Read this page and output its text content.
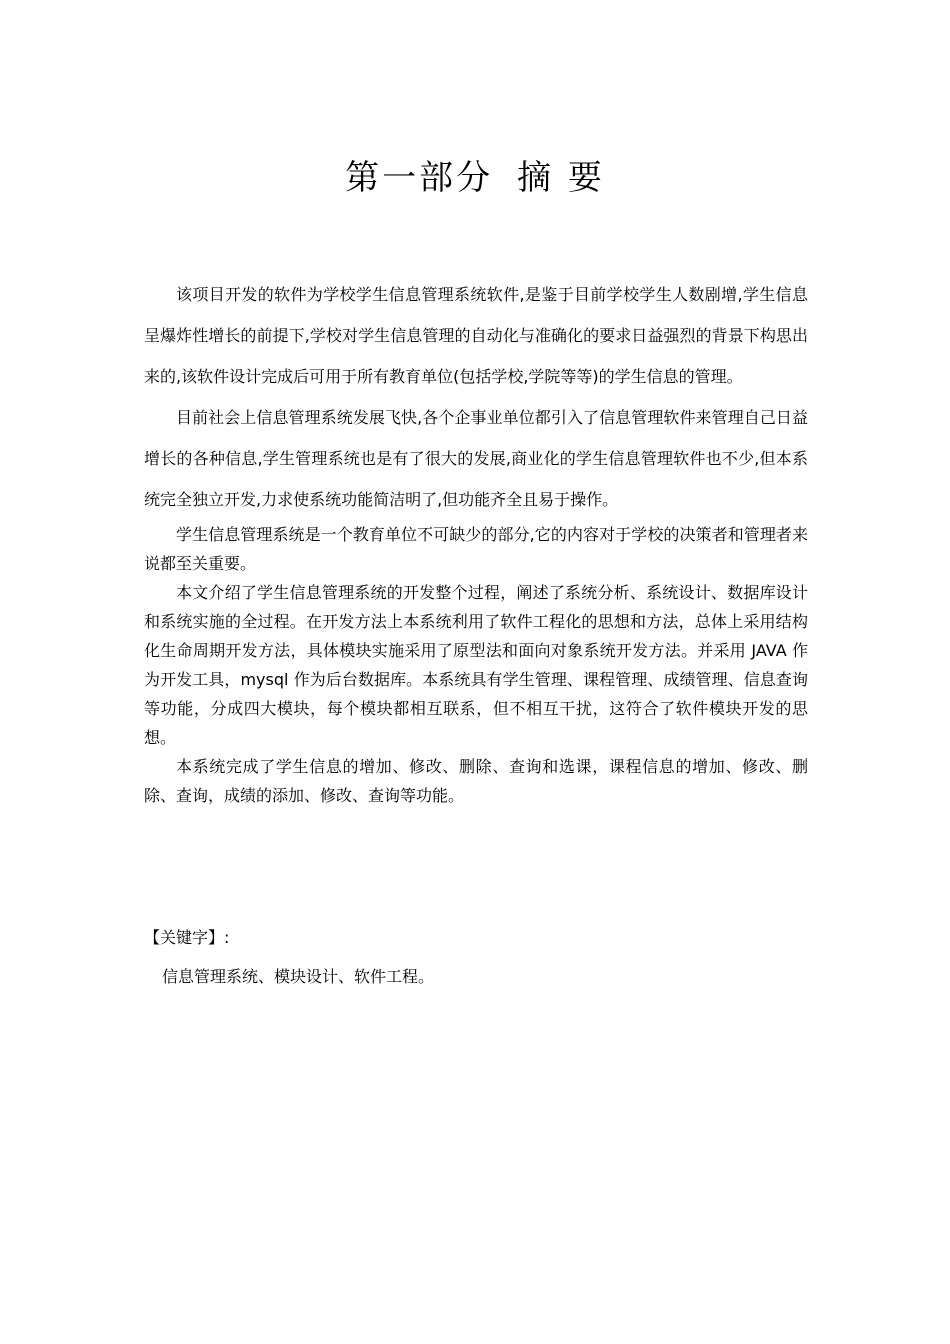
第一部分 摘 要

该项目开发的软件为学校学生信息管理系统软件,是鉴于目前学校学生人数剧增,学生信息呈爆炸性增长的前提下,学校对学生信息管理的自动化与准确化的要求日益强烈的背景下构思出来的,该软件设计完成后可用于所有教育单位(包括学校,学院等等)的学生信息的管理。

目前社会上信息管理系统发展飞快,各个企事业单位都引入了信息管理软件来管理自己日益增长的各种信息,学生管理系统也是有了很大的发展,商业化的学生信息管理软件也不少,但本系统完全独立开发,力求使系统功能简洁明了,但功能齐全且易于操作。

学生信息管理系统是一个教育单位不可缺少的部分,它的内容对于学校的决策者和管理者来说都至关重要。

本文介绍了学生信息管理系统的开发整个过程，阐述了系统分析、系统设计、数据库设计和系统实施的全过程。在开发方法上本系统利用了软件工程化的思想和方法，总体上采用结构化生命周期开发方法，具体模块实施采用了原型法和面向对象系统开发方法。并采用 JAVA 作为开发工具，mysql 作为后台数据库。本系统具有学生管理、课程管理、成绩管理、信息查询等功能，分成四大模块，每个模块都相互联系，但不相互干扰，这符合了软件模块开发的思想。

本系统完成了学生信息的增加、修改、删除、查询和选课，课程信息的增加、修改、删除、查询，成绩的添加、修改、查询等功能。

【关键字】:
信息管理系统、模块设计、软件工程。
